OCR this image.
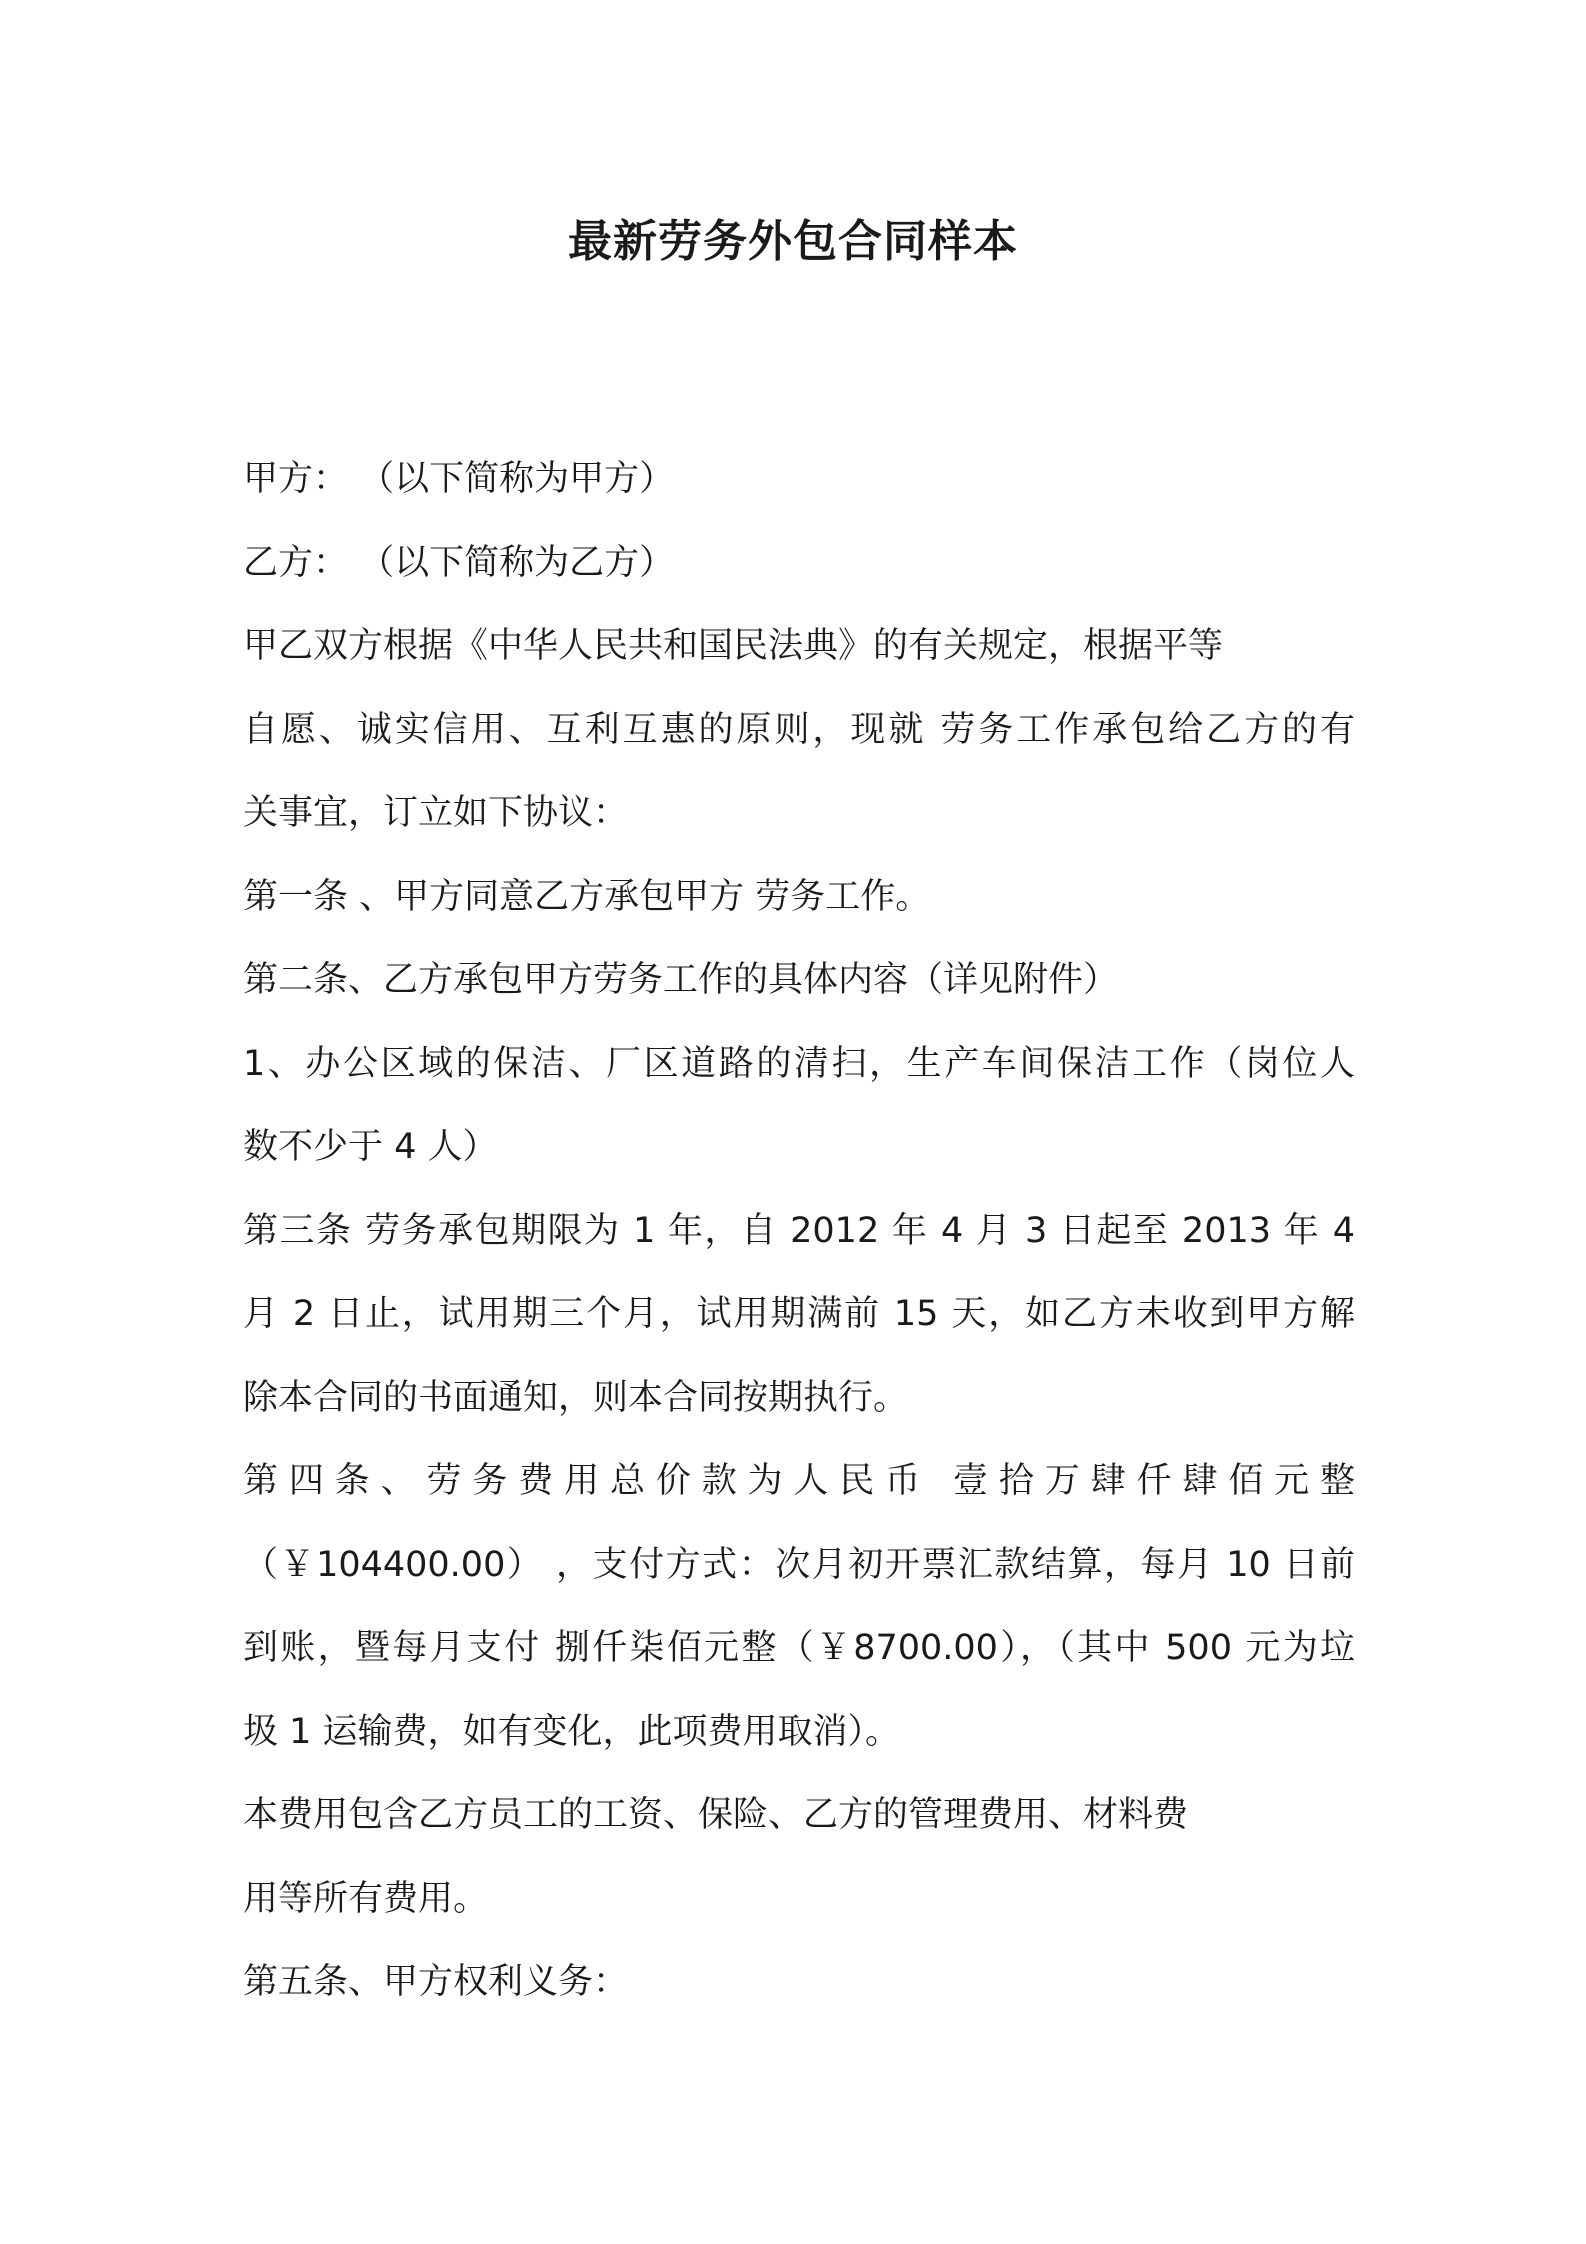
最新劳务外包合同样本
甲方： （以下简称为甲方）
乙方： （以下简称为乙方）
甲乙双方根据《中华人民共和国民法典》的有关规定，根据平等
自愿、诚实信用、互利互惠的原则，现就 劳务工作承包给乙方的有
关事宜，订立如下协议：
第一条 、甲方同意乙方承包甲方 劳务工作。
第二条、乙方承包甲方劳务工作的具体内容（详见附件）
1、办公区域的保洁、厂区道路的清扫，生产车间保洁工作（岗位人
数不少于 4 人）
第三条 劳务承包期限为 1 年，自 2012 年 4 月 3 日起至 2013 年 4
月 2 日止，试用期三个月，试用期满前 15 天，如乙方未收到甲方解
除本合同的书面通知，则本合同按期执行。
第四条、劳务费用总价款为人民币 壹拾万肆仟肆佰元整
（￥104400.00） ，支付方式：次月初开票汇款结算，每月 10 日前
到账，暨每月支付 捌仟柒佰元整（￥8700.00），（其中 500 元为垃
圾 1 运输费，如有变化，此项费用取消）。
本费用包含乙方员工的工资、保险、乙方的管理费用、材料费
用等所有费用。
第五条、甲方权利义务：
